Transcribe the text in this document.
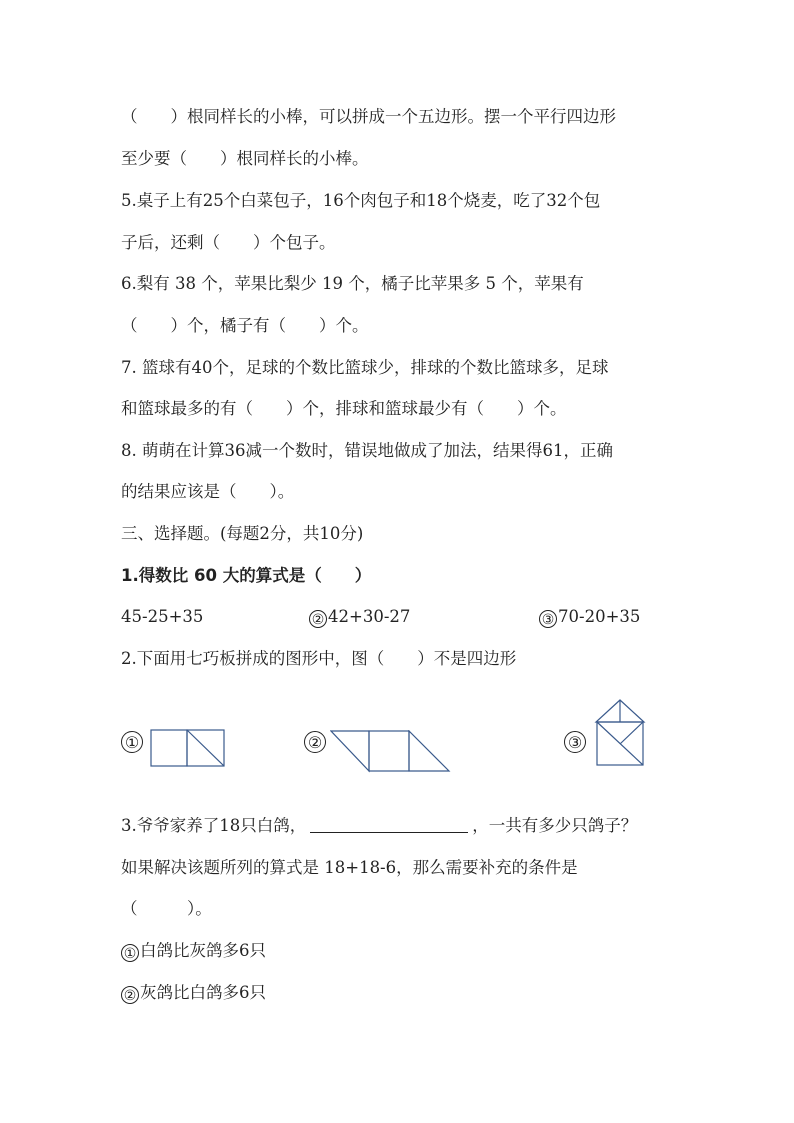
（　　）根同样长的小棒，可以拼成一个五边形。摆一个平行四边形
至少要（　　）根同样长的小棒。
5.桌子上有25个白菜包子，16个肉包子和18个烧麦，吃了32个包
子后，还剩（　　）个包子。
6.梨有 38 个，苹果比梨少 19 个，橘子比苹果多 5 个，苹果有
（　　）个，橘子有（　　）个。
7. 篮球有40个，足球的个数比篮球少，排球的个数比篮球多，足球
和篮球最多的有（　　）个，排球和篮球最少有（　　）个。
8. 萌萌在计算36减一个数时，错误地做成了加法，结果得61，正确
的结果应该是（　　）。
三、选择题。(每题2分，共10分)
1.得数比 60 大的算式是（　　）
45-25+35	② 42+30-27	③ 70-20+35
2.下面用七巧板拼成的图形中，图（　　）不是四边形
①	②	③
3.爷爷家养了18只白鸽，	，一共有多少只鸽子？
如果解决该题所列的算式是 18+18-6，那么需要补充的条件是
（　　　）。
① 白鸽比灰鸽多6只
② 灰鸽比白鸽多6只
